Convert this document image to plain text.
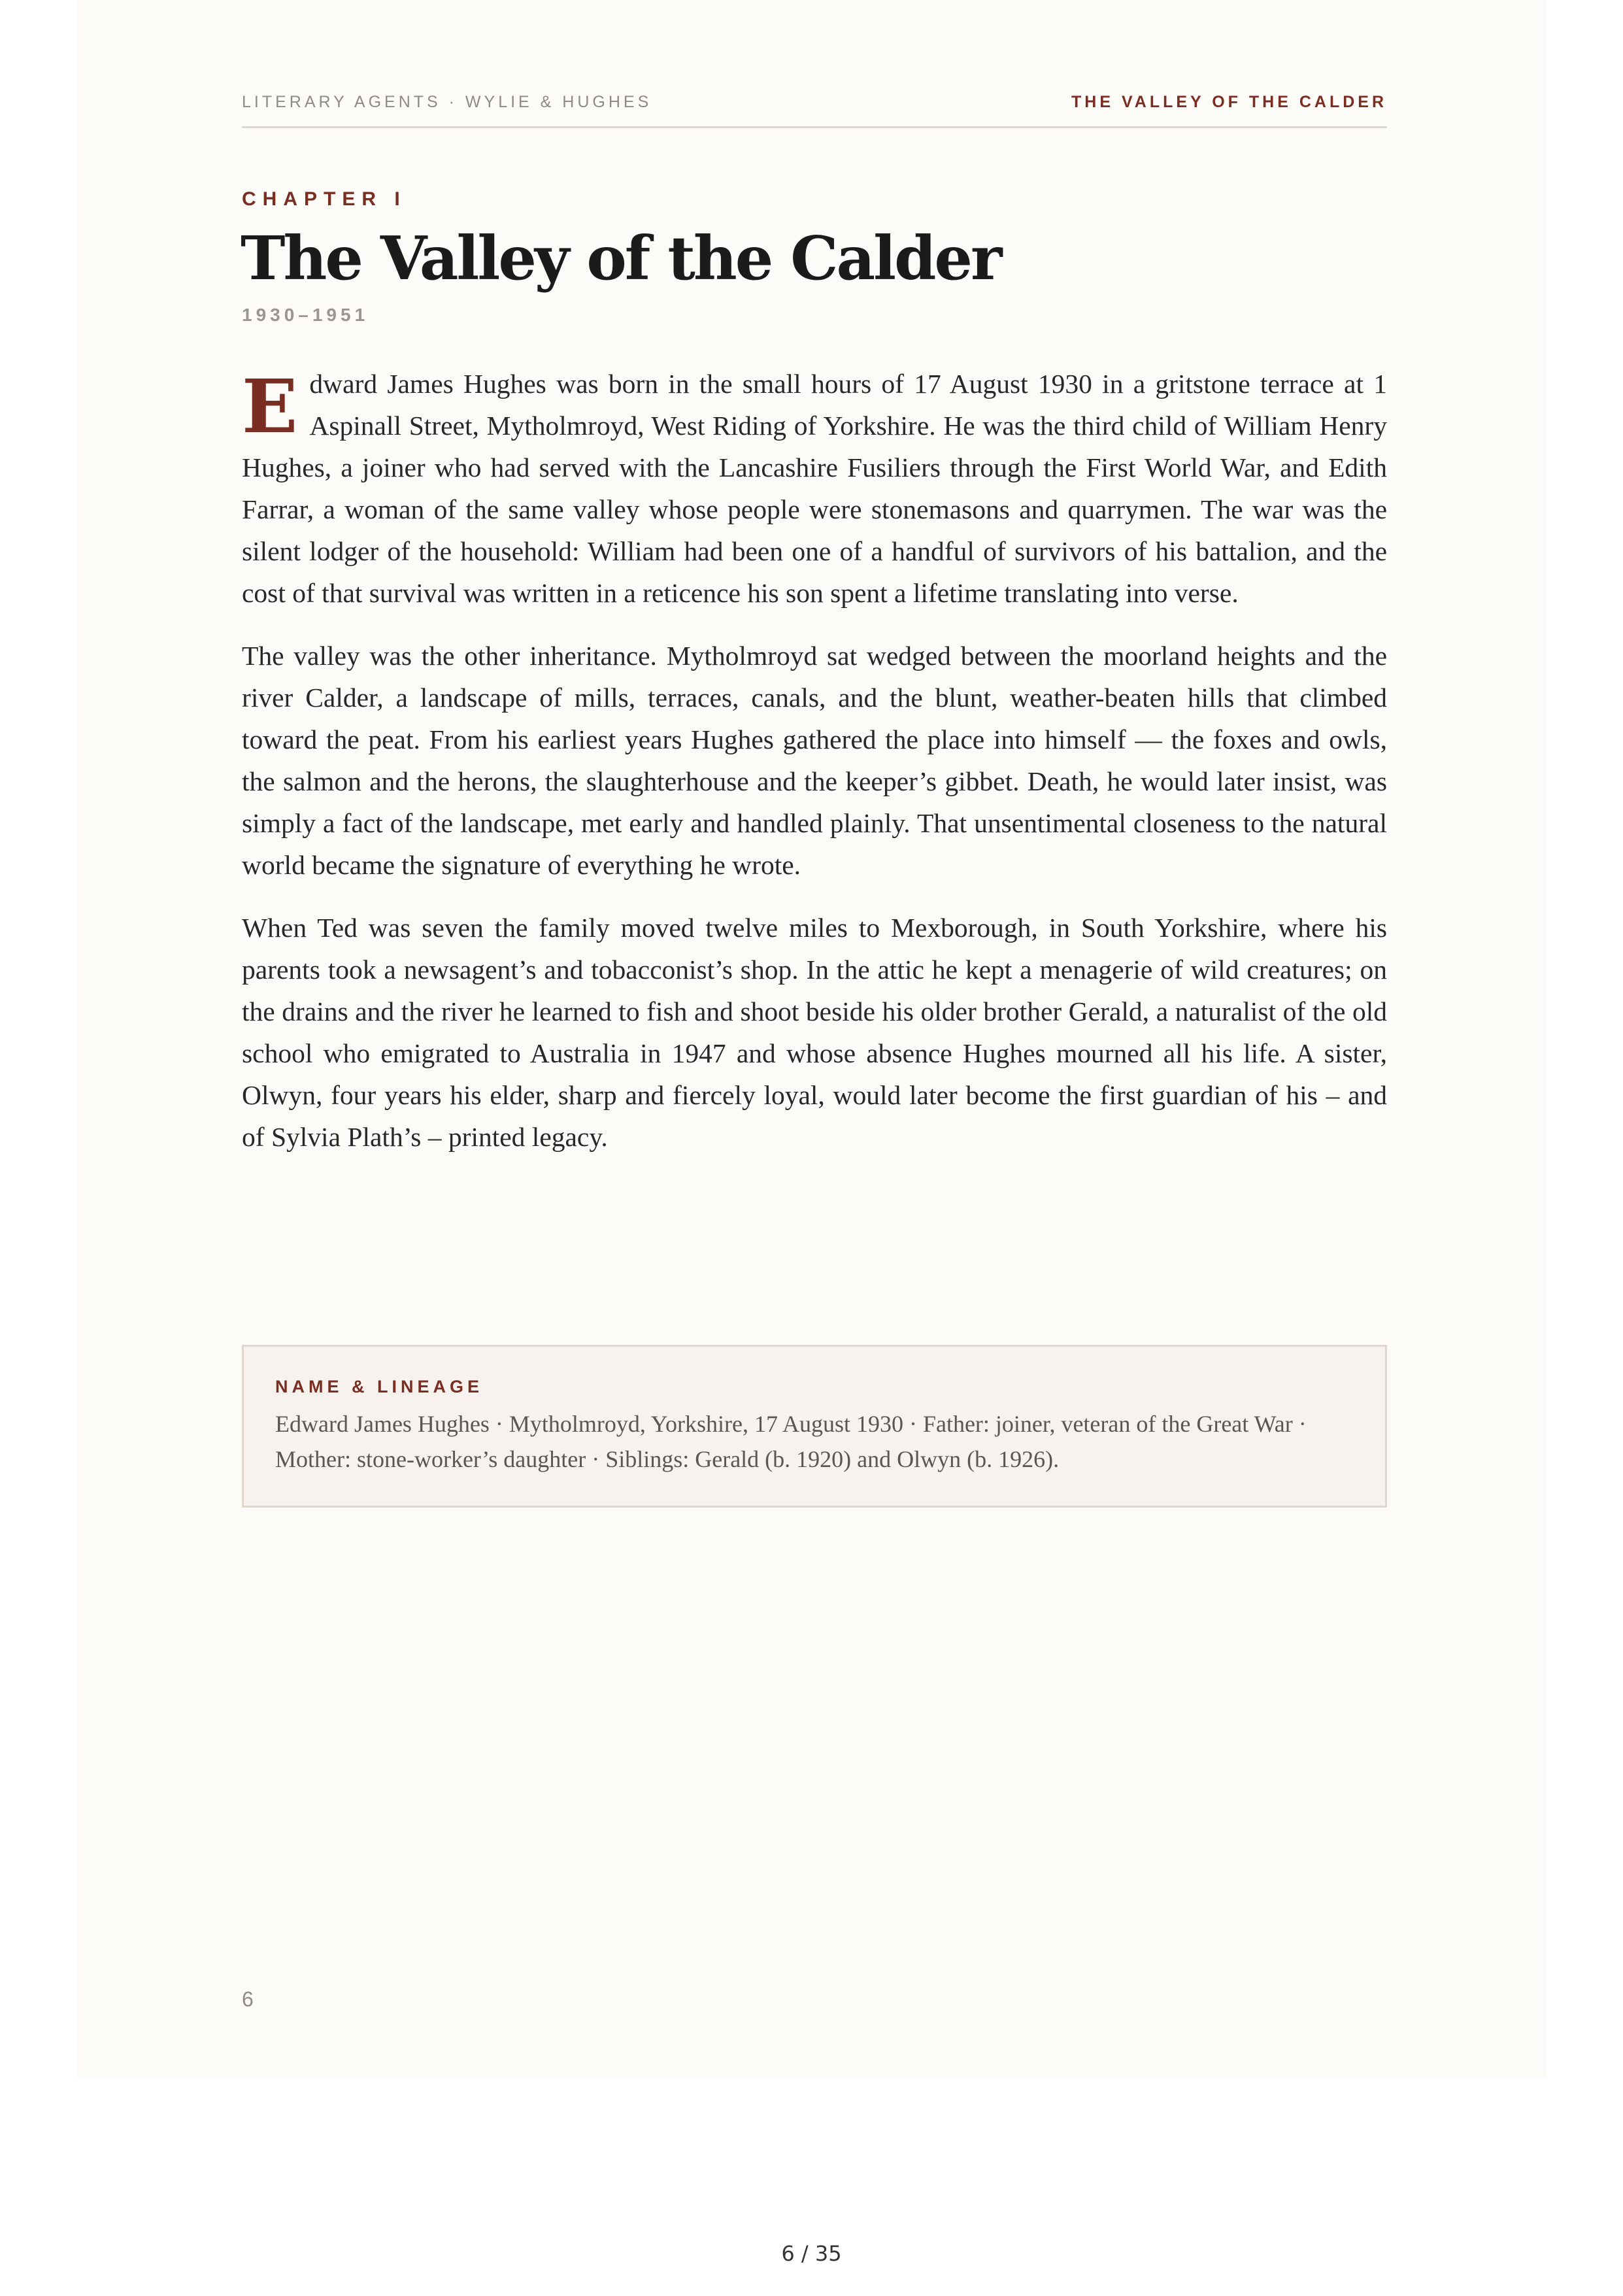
LITERARY AGENTS · WYLIE & HUGHES	THE VALLEY OF THE CALDER
CHAPTER I
The Valley of the Calder
1930–1951

Edward James Hughes was born in the small hours of 17 August 1930 in a gritstone terrace at 1 Aspinall Street, Mytholmroyd, West Riding of Yorkshire. He was the third child of William Henry Hughes, a joiner who had served with the Lancashire Fusiliers through the First World War, and Edith Farrar, a woman of the same valley whose people were stonemasons and quarrymen. The war was the silent lodger of the household: William had been one of a handful of survivors of his battalion, and the cost of that survival was written in a reticence his son spent a lifetime translating into verse.

The valley was the other inheritance. Mytholmroyd sat wedged between the moorland heights and the river Calder, a landscape of mills, terraces, canals, and the blunt, weather-beaten hills that climbed toward the peat. From his earliest years Hughes gathered the place into himself — the foxes and owls, the salmon and the herons, the slaughterhouse and the keeper’s gibbet. Death, he would later insist, was simply a fact of the landscape, met early and handled plainly. That unsentimental closeness to the natural world became the signature of everything he wrote.

When Ted was seven the family moved twelve miles to Mexborough, in South Yorkshire, where his parents took a newsagent’s and tobacconist’s shop. In the attic he kept a menagerie of wild creatures; on the drains and the river he learned to fish and shoot beside his older brother Gerald, a naturalist of the old school who emigrated to Australia in 1947 and whose absence Hughes mourned all his life. A sister, Olwyn, four years his elder, sharp and fiercely loyal, would later become the first guardian of his – and of Sylvia Plath’s – printed legacy.

NAME & LINEAGE
Edward James Hughes · Mytholmroyd, Yorkshire, 17 August 1930 · Father: joiner, veteran of the Great War · Mother: stone-worker’s daughter · Siblings: Gerald (b. 1920) and Olwyn (b. 1926).
6
6 / 35
